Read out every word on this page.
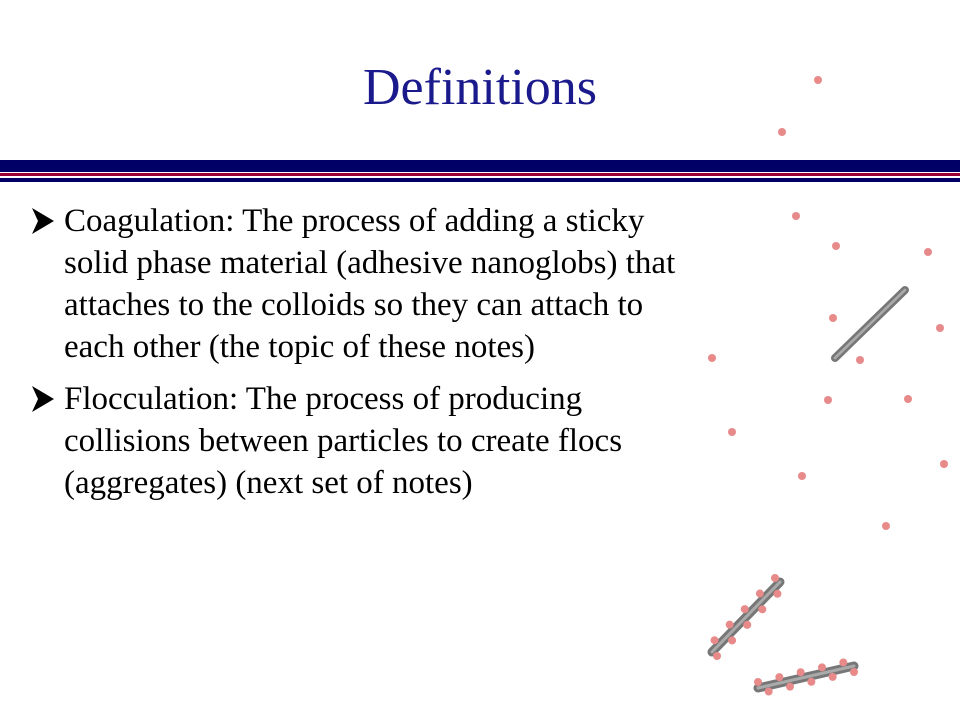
Definitions
Coagulation: The process of adding a sticky solid phase material (adhesive nanoglobs) that attaches to the colloids so they can attach to each other (the topic of these notes)
Flocculation: The process of producing collisions between particles to create flocs (aggregates) (next set of notes)
